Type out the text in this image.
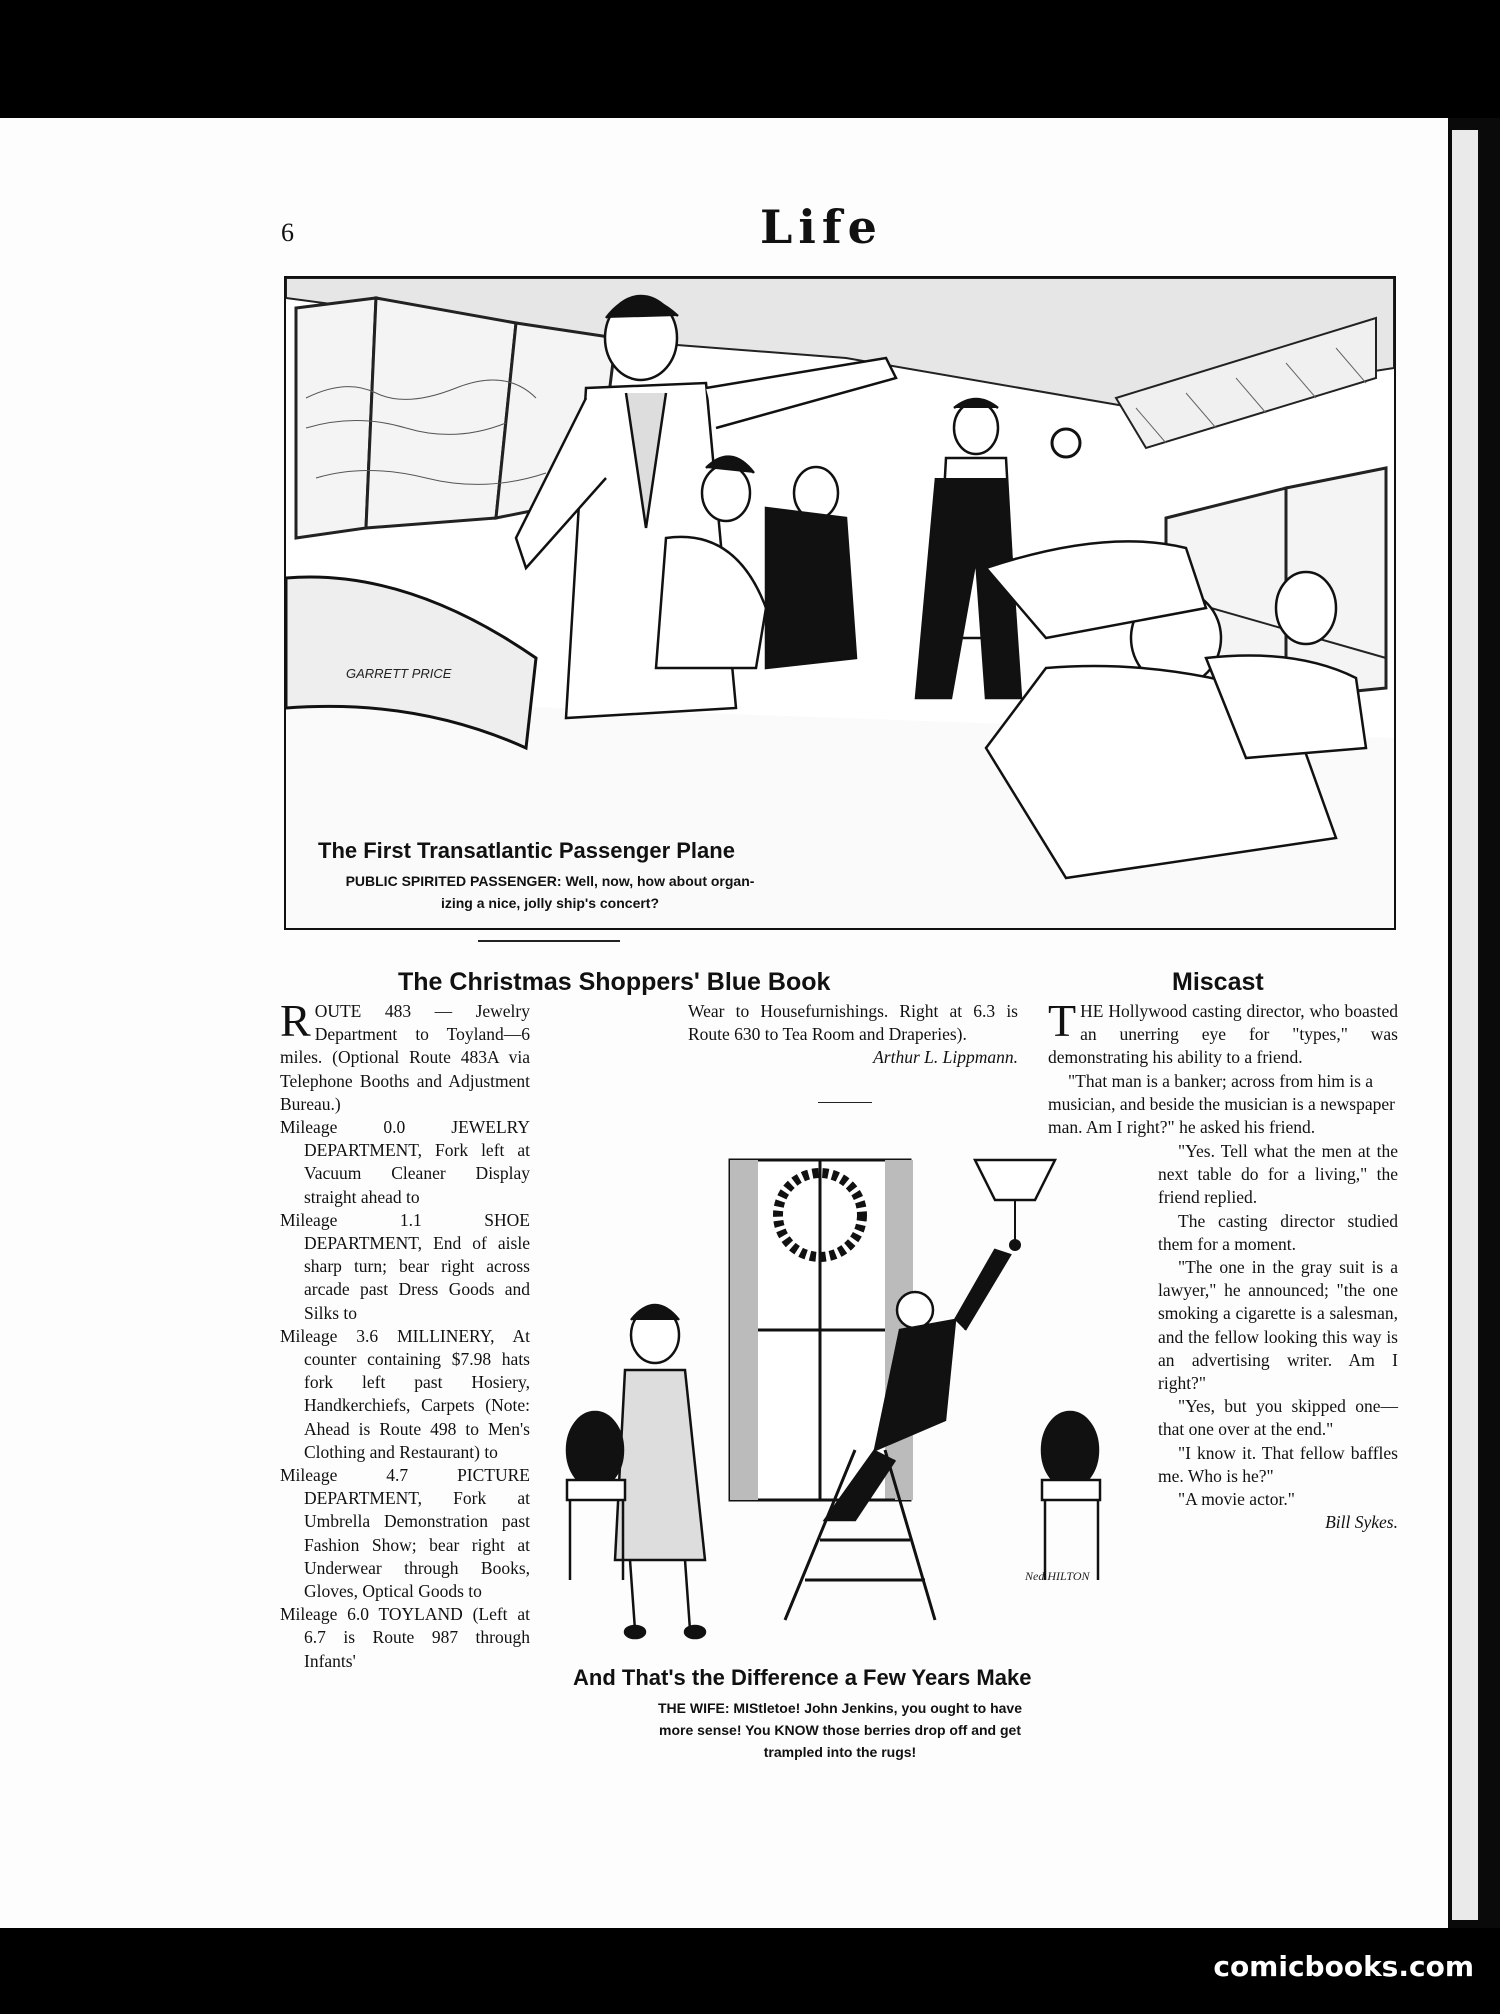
6	Life
GARRETT PRICE
The First Transatlantic Passenger Plane
PUBLIC SPIRITED PASSENGER: Well, now, how about organ-
izing a nice, jolly ship's concert?
The Christmas Shoppers' Blue Book

ROUTE 483 — Jewelry Department to Toyland—6 miles. (Optional Route 483A via Telephone Booths and Adjustment Bureau.)

Mileage 0.0 JEWELRY DEPARTMENT, Fork left at Vacuum Cleaner Display straight ahead to

Mileage 1.1 SHOE DEPARTMENT, End of aisle sharp turn; bear right across arcade past Dress Goods and Silks to

Mileage 3.6 MILLINERY, At counter containing $7.98 hats fork left past Hosiery, Handkerchiefs, Carpets (Note: Ahead is Route 498 to Men's Clothing and Restaurant) to

Mileage 4.7 PICTURE DEPARTMENT, Fork at Umbrella Demonstration past Fashion Show; bear right at Underwear through Books, Gloves, Optical Goods to

Mileage 6.0 TOYLAND (Left at 6.7 is Route 987 through Infants'

Wear to Housefurnishings. Right at 6.3 is Route 630 to Tea Room and Draperies).

Arthur L. Lippmann.

Ned HILTON
And That's the Difference a Few Years Make
THE WIFE: MIStletoe! John Jenkins, you ought to have
more sense! You KNOW those berries drop off and get
trampled into the rugs!
Miscast

THE Hollywood casting director, who boasted an unerring eye for "types," was demonstrating his ability to a friend.

"That man is a banker; across from him is a musician, and beside the musician is a newspaper man. Am I right?" he asked his friend.

"Yes. Tell what the men at the next table do for a living," the friend replied.

The casting director studied them for a moment.

"The one in the gray suit is a lawyer," he announced; "the one smoking a cigarette is a salesman, and the fellow looking this way is an advertising writer. Am I right?"

"Yes, but you skipped one—that one over at the end."

"I know it. That fellow baffles me. Who is he?"

"A movie actor."

Bill Sykes.

comicbooks.com
